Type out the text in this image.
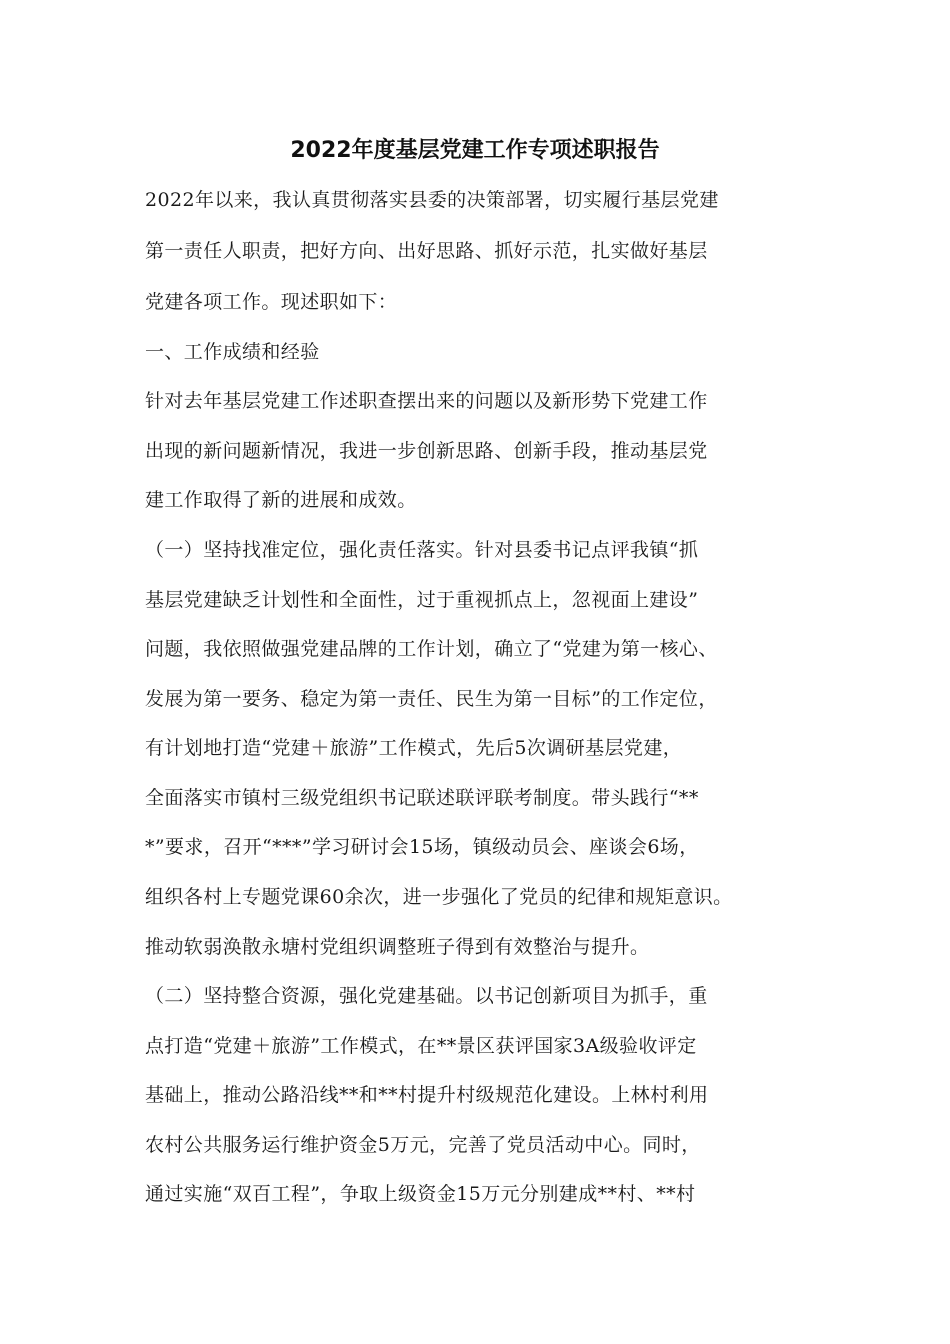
2022年度基层党建工作专项述职报告
2022年以来，我认真贯彻落实县委的决策部署，切实履行基层党建
第一责任人职责，把好方向、出好思路、抓好示范，扎实做好基层
党建各项工作。现述职如下：
一、工作成绩和经验
针对去年基层党建工作述职查摆出来的问题以及新形势下党建工作
出现的新问题新情况，我进一步创新思路、创新手段，推动基层党
建工作取得了新的进展和成效。
（一）坚持找准定位，强化责任落实。针对县委书记点评我镇“抓
基层党建缺乏计划性和全面性，过于重视抓点上，忽视面上建设”
问题，我依照做强党建品牌的工作计划，确立了“党建为第一核心、
发展为第一要务、稳定为第一责任、民生为第一目标”的工作定位，
有计划地打造“党建＋旅游”工作模式，先后5次调研基层党建，
全面落实市镇村三级党组织书记联述联评联考制度。带头践行“**
*”要求，召开“***”学习研讨会15场，镇级动员会、座谈会6场，
组织各村上专题党课60余次，进一步强化了党员的纪律和规矩意识。
推动软弱涣散永塘村党组织调整班子得到有效整治与提升。
（二）坚持整合资源，强化党建基础。以书记创新项目为抓手，重
点打造“党建＋旅游”工作模式，在**景区获评国家3A级验收评定
基础上，推动公路沿线**和**村提升村级规范化建设。上林村利用
农村公共服务运行维护资金5万元，完善了党员活动中心。同时，
通过实施“双百工程”，争取上级资金15万元分别建成**村、**村
